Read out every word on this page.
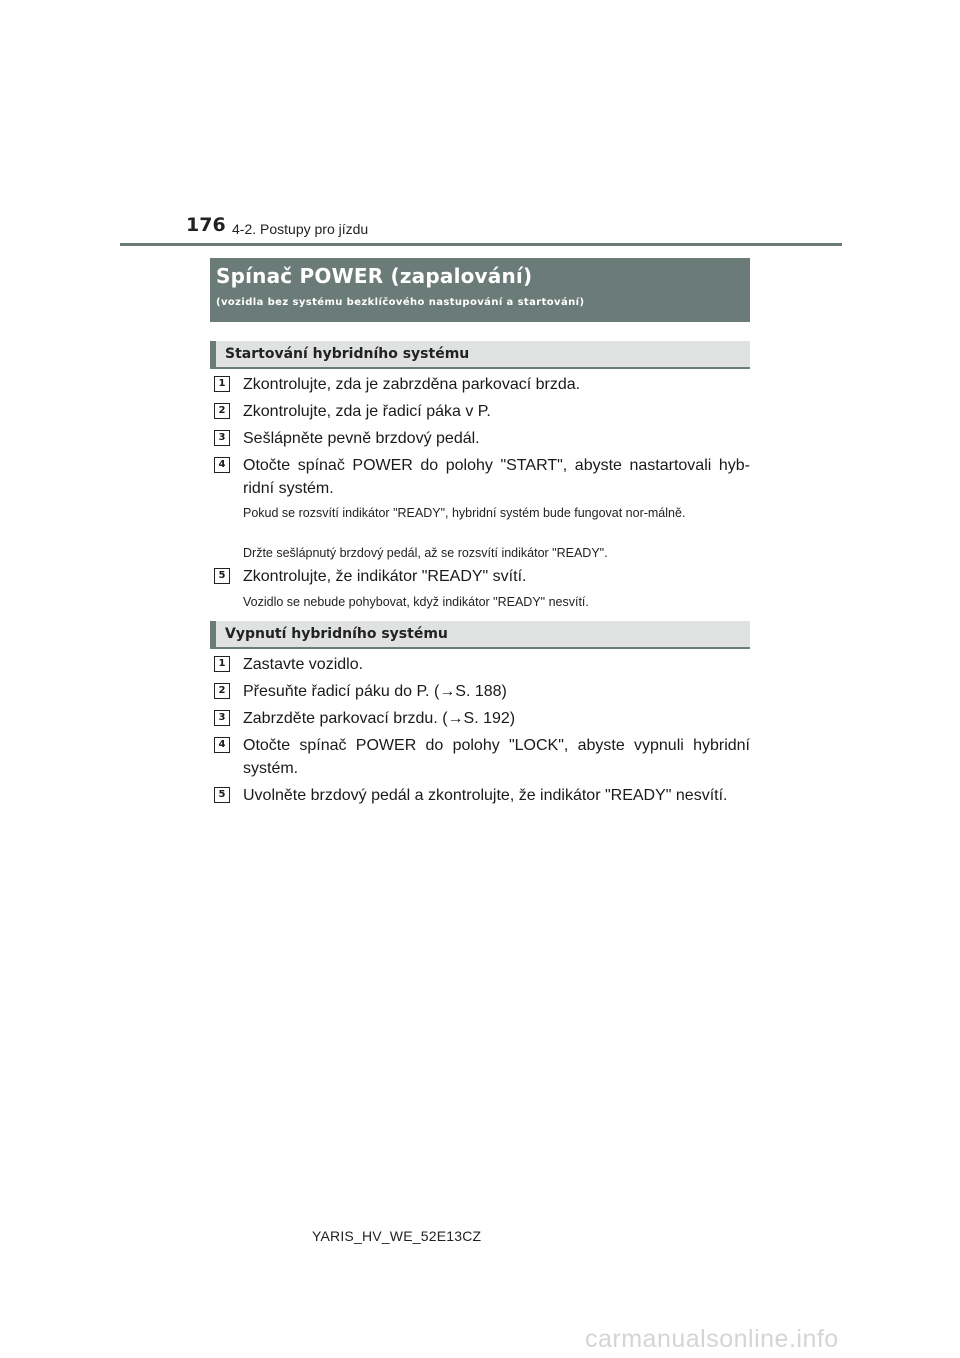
176 4-2. Postupy pro jízdu
Spínač POWER (zapalování)
(vozidla bez systému bezklíčového nastupování a startování)
Startování hybridního systému
1 Zkontrolujte, zda je zabrzděna parkovací brzda.
2 Zkontrolujte, zda je řadicí páka v P.
3 Sešlápněte pevně brzdový pedál.
4 Otočte spínač POWER do polohy "START", abyste nastartovali hyb-ridní systém.
Pokud se rozsvítí indikátor "READY", hybridní systém bude fungovat nor-málně.
Držte sešlápnutý brzdový pedál, až se rozsvítí indikátor "READY".
5 Zkontrolujte, že indikátor "READY" svítí.
Vozidlo se nebude pohybovat, když indikátor "READY" nesvítí.
Vypnutí hybridního systému
1 Zastavte vozidlo.
2 Přesuňte řadicí páku do P. (→S. 188)
3 Zabrzděte parkovací brzdu. (→S. 192)
4 Otočte spínač POWER do polohy "LOCK", abyste vypnuli hybridní systém.
5 Uvolněte brzdový pedál a zkontrolujte, že indikátor "READY" nesvítí.
YARIS_HV_WE_52E13CZ
carmanualsonline.info
